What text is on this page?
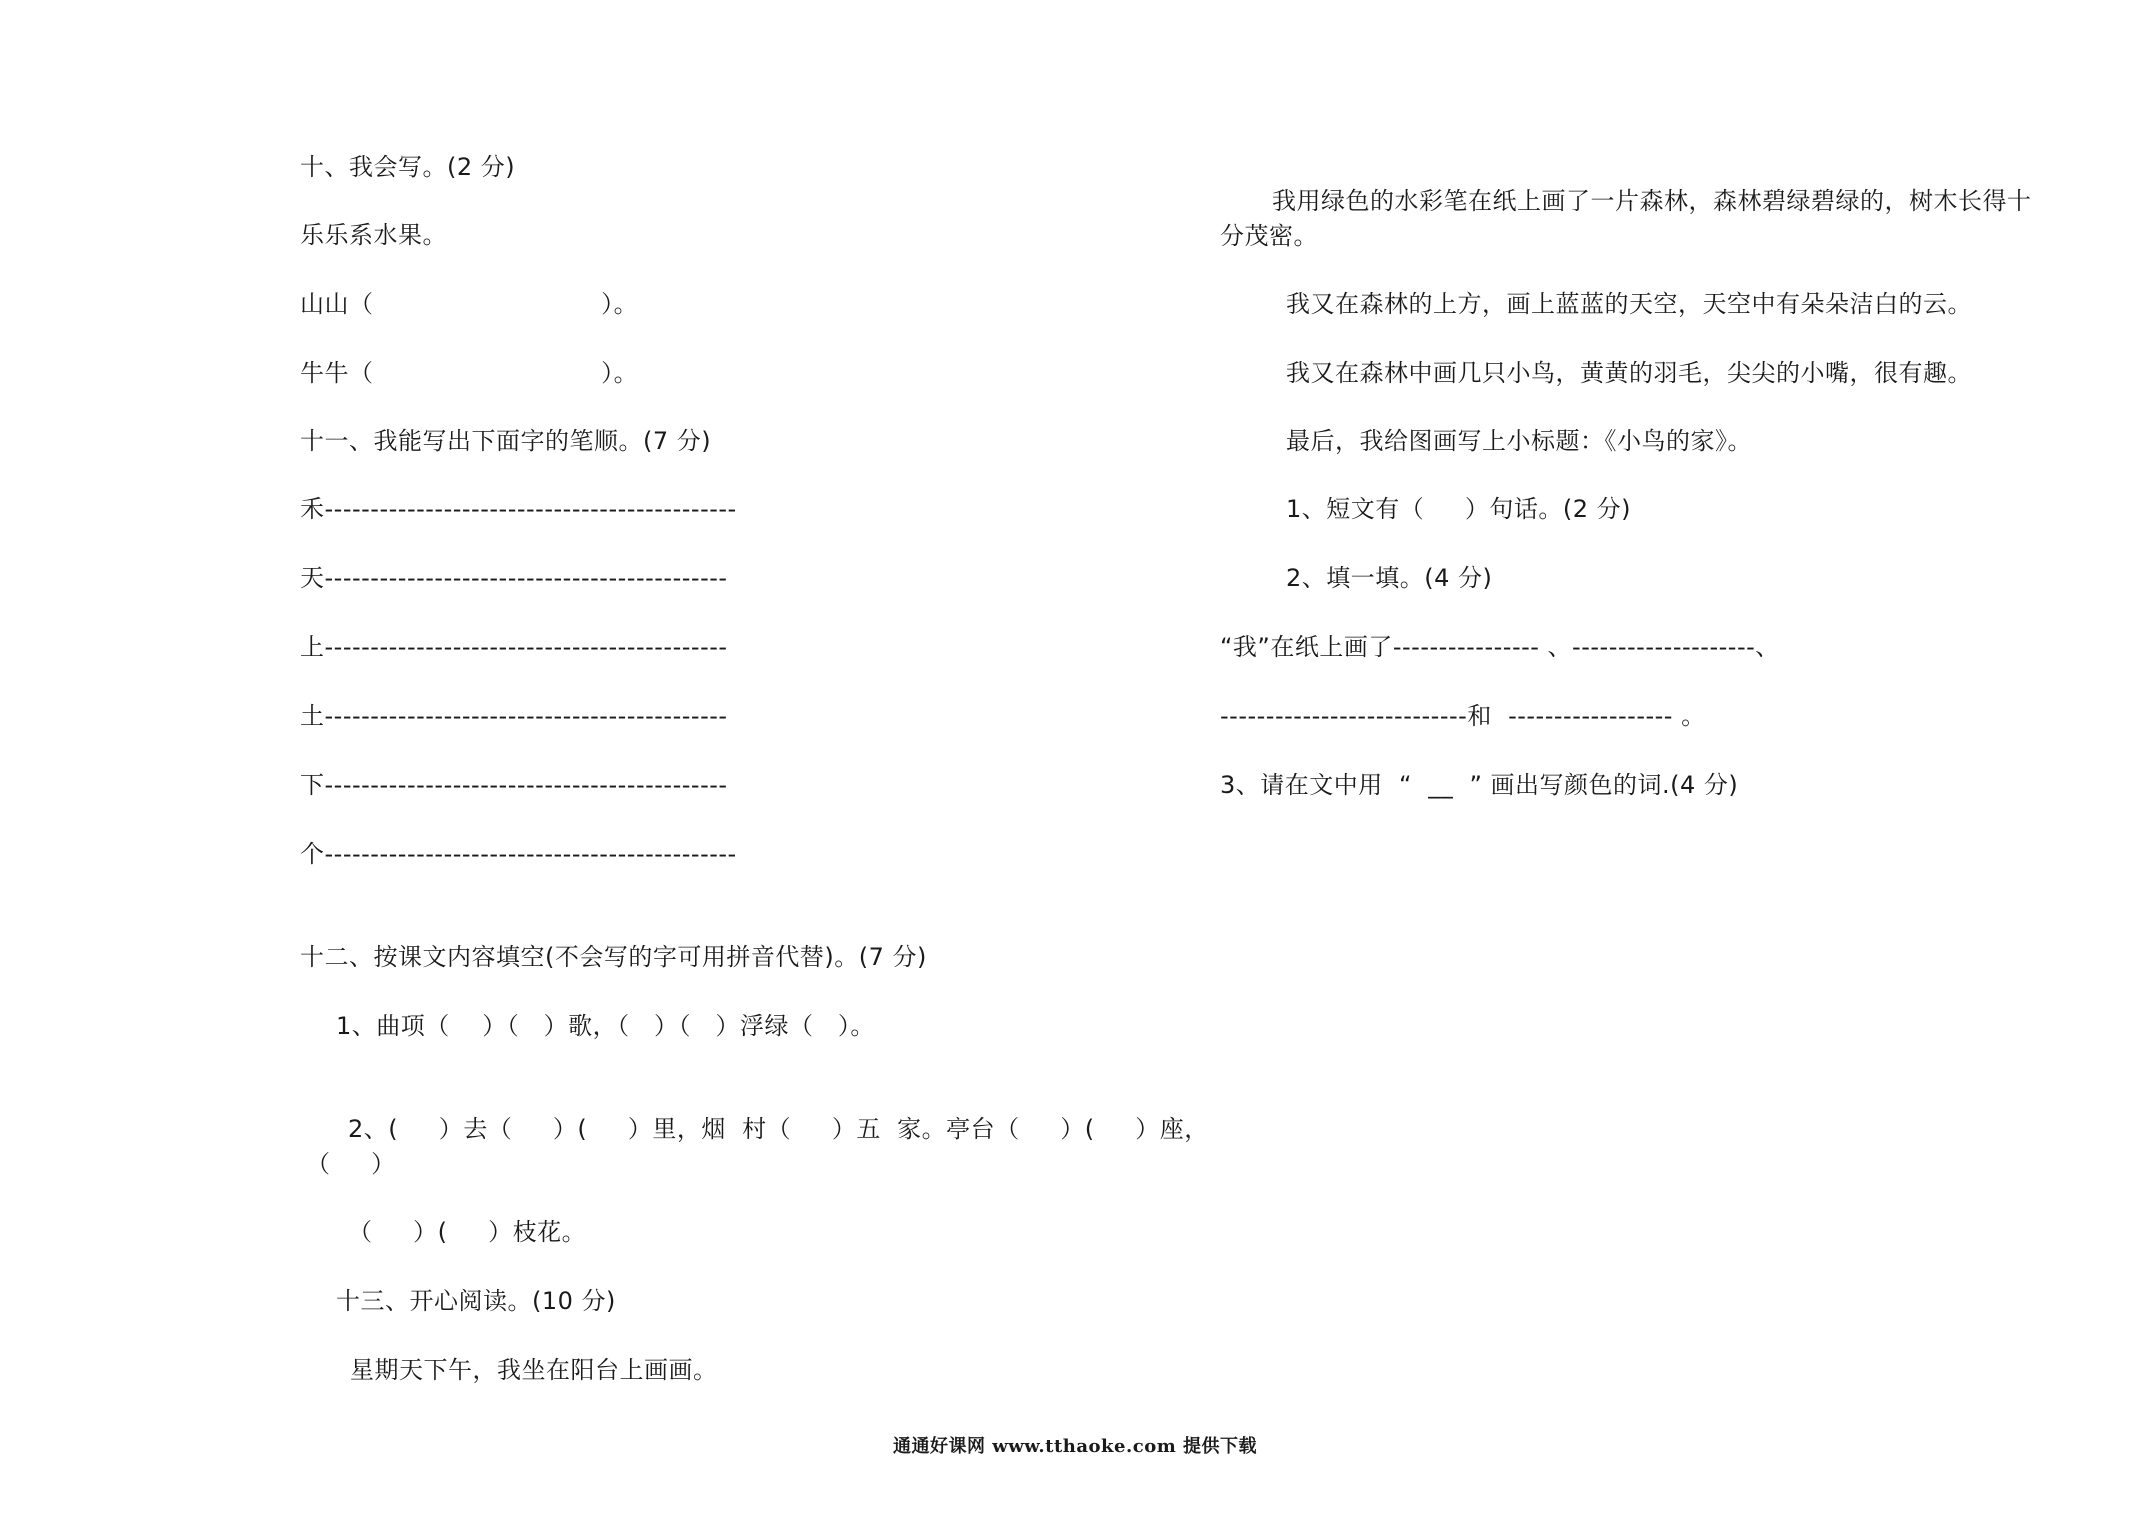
十、我会写。(2 分)
乐乐系水果。
山山（                            ）。
牛牛（                            ）。
十一、我能写出下面字的笔顺。(7 分)
禾---------------------------------------------
天--------------------------------------------
上--------------------------------------------
土--------------------------------------------
下--------------------------------------------
个---------------------------------------------
十二、按课文内容填空(不会写的字可用拼音代替)。(7 分)
1、曲项（    ）（   ）歌，（   ）（   ）浮绿（   ）。
2、(     ）去（     ）(     ）里，烟  村（     ）五  家。亭台（     ）(     ）座，
（     ）
（     ）(     ）枝花。
十三、开心阅读。(10 分)
星期天下午，我坐在阳台上画画。
我用绿色的水彩笔在纸上画了一片森林，森林碧绿碧绿的，树木长得十
分茂密。
我又在森林的上方，画上蓝蓝的天空，天空中有朵朵洁白的云。
我又在森林中画几只小鸟，黄黄的羽毛，尖尖的小嘴，很有趣。
最后，我给图画写上小标题：《小鸟的家》。
1、短文有（     ）句话。(2 分)
2、填一填。(4 分)
“我”在纸上画了---------------- 、--------------------、
---------------------------和  ------------------ 。
3、请在文中用  “  __  ” 画出写颜色的词.(4 分)
通通好课网 www.tthaoke.com 提供下载
